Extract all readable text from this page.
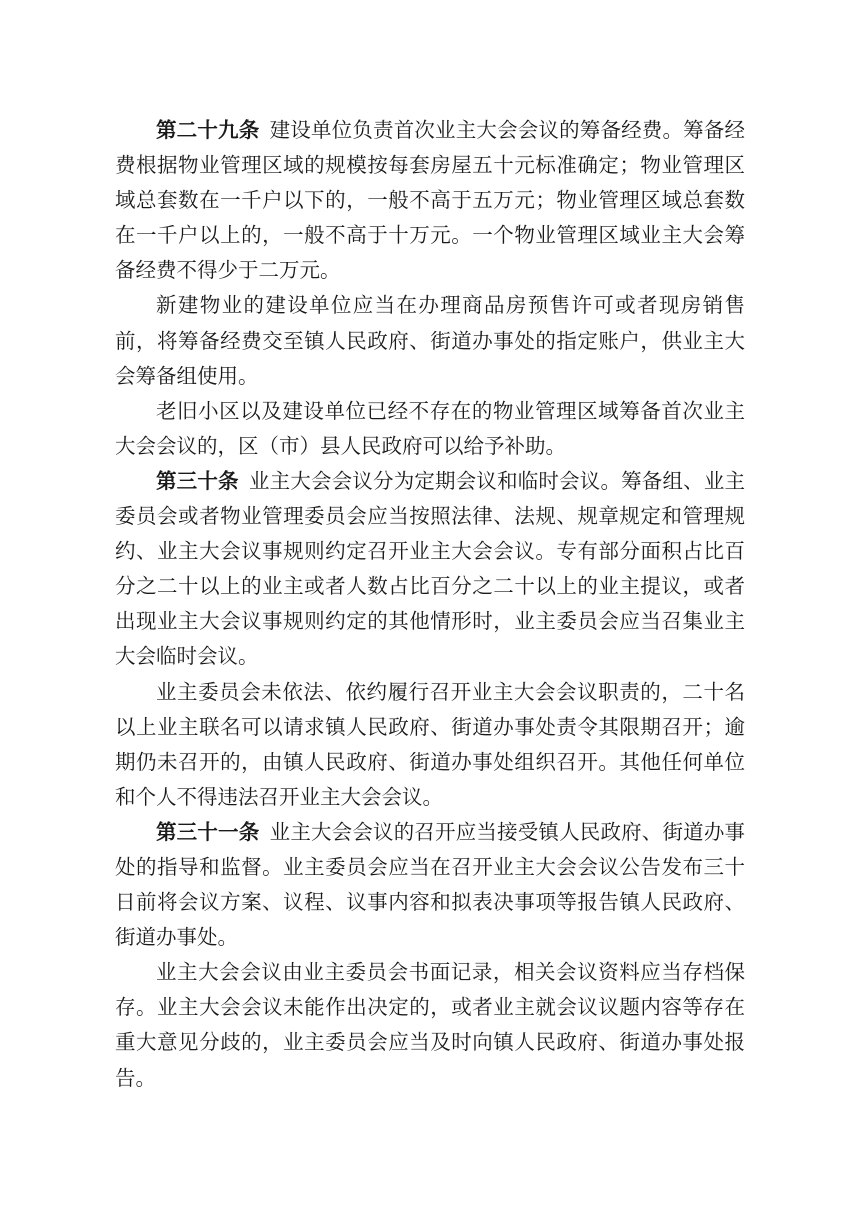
第二十九条 建设单位负责首次业主大会会议的筹备经费。筹备经费根据物业管理区域的规模按每套房屋五十元标准确定；物业管理区域总套数在一千户以下的，一般不高于五万元；物业管理区域总套数在一千户以上的，一般不高于十万元。一个物业管理区域业主大会筹备经费不得少于二万元。

新建物业的建设单位应当在办理商品房预售许可或者现房销售前，将筹备经费交至镇人民政府、街道办事处的指定账户，供业主大会筹备组使用。

老旧小区以及建设单位已经不存在的物业管理区域筹备首次业主大会会议的，区（市）县人民政府可以给予补助。

第三十条 业主大会会议分为定期会议和临时会议。筹备组、业主委员会或者物业管理委员会应当按照法律、法规、规章规定和管理规约、业主大会议事规则约定召开业主大会会议。专有部分面积占比百分之二十以上的业主或者人数占比百分之二十以上的业主提议，或者出现业主大会议事规则约定的其他情形时，业主委员会应当召集业主大会临时会议。

业主委员会未依法、依约履行召开业主大会会议职责的，二十名以上业主联名可以请求镇人民政府、街道办事处责令其限期召开；逾期仍未召开的，由镇人民政府、街道办事处组织召开。其他任何单位和个人不得违法召开业主大会会议。

第三十一条 业主大会会议的召开应当接受镇人民政府、街道办事处的指导和监督。业主委员会应当在召开业主大会会议公告发布三十日前将会议方案、议程、议事内容和拟表决事项等报告镇人民政府、街道办事处。

业主大会会议由业主委员会书面记录，相关会议资料应当存档保存。业主大会会议未能作出决定的，或者业主就会议议题内容等存在重大意见分歧的，业主委员会应当及时向镇人民政府、街道办事处报告。
